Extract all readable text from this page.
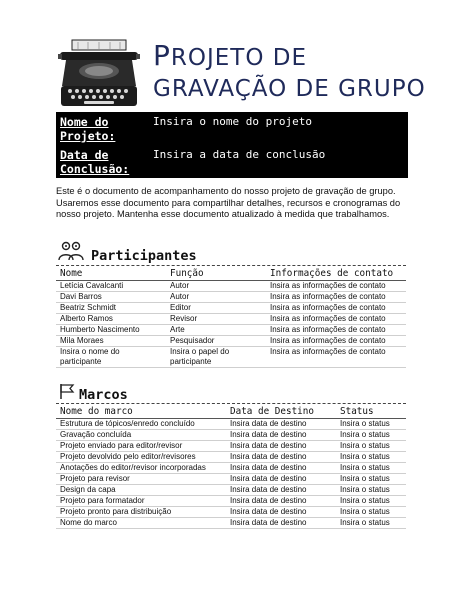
PROJETO DE
GRAVAÇÃO DE GRUPO
Nome do Projeto:
Insira o nome do projeto
Data de Conclusão:
Insira a data de conclusão
Este é o documento de acompanhamento do nosso projeto de gravação de grupo. Usaremos esse documento para compartilhar detalhes, recursos e cronogramas do nosso projeto. Mantenha esse documento atualizado à medida que trabalhamos.
Participantes
Nome	Função	Informações de contato
Letícia Cavalcanti	Autor	Insira as informações de contato
Davi Barros	Autor	Insira as informações de contato
Beatriz Schmidt	Editor	Insira as informações de contato
Alberto Ramos	Revisor	Insira as informações de contato
Humberto Nascimento	Arte	Insira as informações de contato
Mila Moraes	Pesquisador	Insira as informações de contato
Insira o nome do participante	Insira o papel do participante	Insira as informações de contato
Marcos
Nome do marco	Data de Destino	Status
Estrutura de tópicos/enredo concluído	Insira data de destino	Insira o status
Gravação concluída	Insira data de destino	Insira o status
Projeto enviado para editor/revisor	Insira data de destino	Insira o status
Projeto devolvido pelo editor/revisores	Insira data de destino	Insira o status
Anotações do editor/revisor incorporadas	Insira data de destino	Insira o status
Projeto para revisor	Insira data de destino	Insira o status
Design da capa	Insira data de destino	Insira o status
Projeto para formatador	Insira data de destino	Insira o status
Projeto pronto para distribuição	Insira data de destino	Insira o status
Nome do marco	Insira data de destino	Insira o status
